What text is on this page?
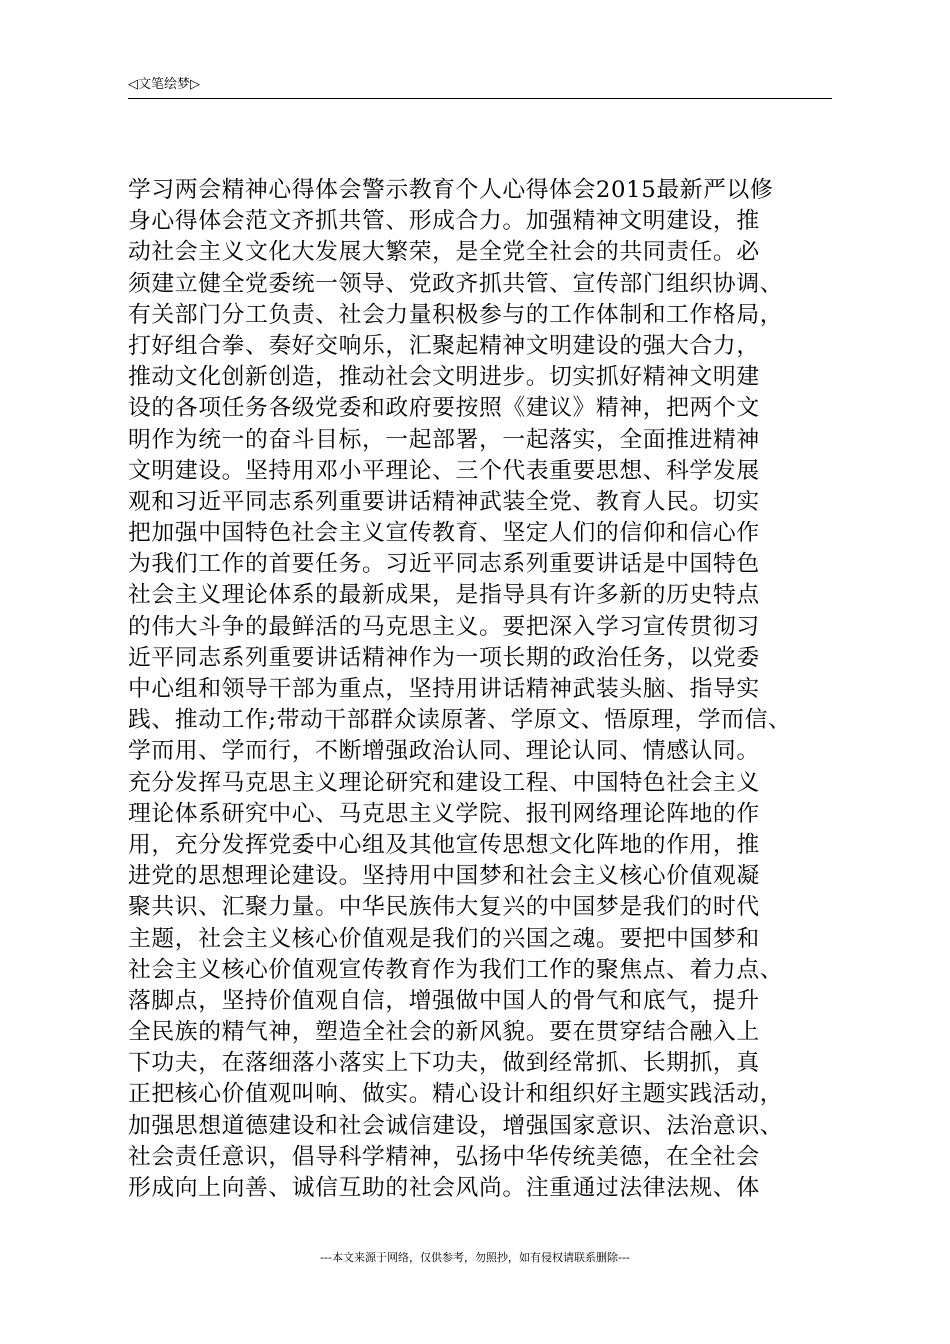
◁文笔绘梦▷
学习两会精神心得体会警示教育个人心得体会2015最新严以修
身心得体会范文齐抓共管、形成合力。加强精神文明建设，推
动社会主义文化大发展大繁荣，是全党全社会的共同责任。必
须建立健全党委统一领导、党政齐抓共管、宣传部门组织协调、
有关部门分工负责、社会力量积极参与的工作体制和工作格局，
打好组合拳、奏好交响乐，汇聚起精神文明建设的强大合力，
推动文化创新创造，推动社会文明进步。切实抓好精神文明建
设的各项任务各级党委和政府要按照《建议》精神，把两个文
明作为统一的奋斗目标，一起部署，一起落实，全面推进精神
文明建设。坚持用邓小平理论、三个代表重要思想、科学发展
观和习近平同志系列重要讲话精神武装全党、教育人民。切实
把加强中国特色社会主义宣传教育、坚定人们的信仰和信心作
为我们工作的首要任务。习近平同志系列重要讲话是中国特色
社会主义理论体系的最新成果，是指导具有许多新的历史特点
的伟大斗争的最鲜活的马克思主义。要把深入学习宣传贯彻习
近平同志系列重要讲话精神作为一项长期的政治任务，以党委
中心组和领导干部为重点，坚持用讲话精神武装头脑、指导实
践、推动工作;带动干部群众读原著、学原文、悟原理，学而信、
学而用、学而行，不断增强政治认同、理论认同、情感认同。
充分发挥马克思主义理论研究和建设工程、中国特色社会主义
理论体系研究中心、马克思主义学院、报刊网络理论阵地的作
用，充分发挥党委中心组及其他宣传思想文化阵地的作用，推
进党的思想理论建设。坚持用中国梦和社会主义核心价值观凝
聚共识、汇聚力量。中华民族伟大复兴的中国梦是我们的时代
主题，社会主义核心价值观是我们的兴国之魂。要把中国梦和
社会主义核心价值观宣传教育作为我们工作的聚焦点、着力点、
落脚点，坚持价值观自信，增强做中国人的骨气和底气，提升
全民族的精气神，塑造全社会的新风貌。要在贯穿结合融入上
下功夫，在落细落小落实上下功夫，做到经常抓、长期抓，真
正把核心价值观叫响、做实。精心设计和组织好主题实践活动，
加强思想道德建设和社会诚信建设，增强国家意识、法治意识、
社会责任意识，倡导科学精神，弘扬中华传统美德，在全社会
形成向上向善、诚信互助的社会风尚。注重通过法律法规、体
---本文来源于网络，仅供参考，勿照抄，如有侵权请联系删除---
